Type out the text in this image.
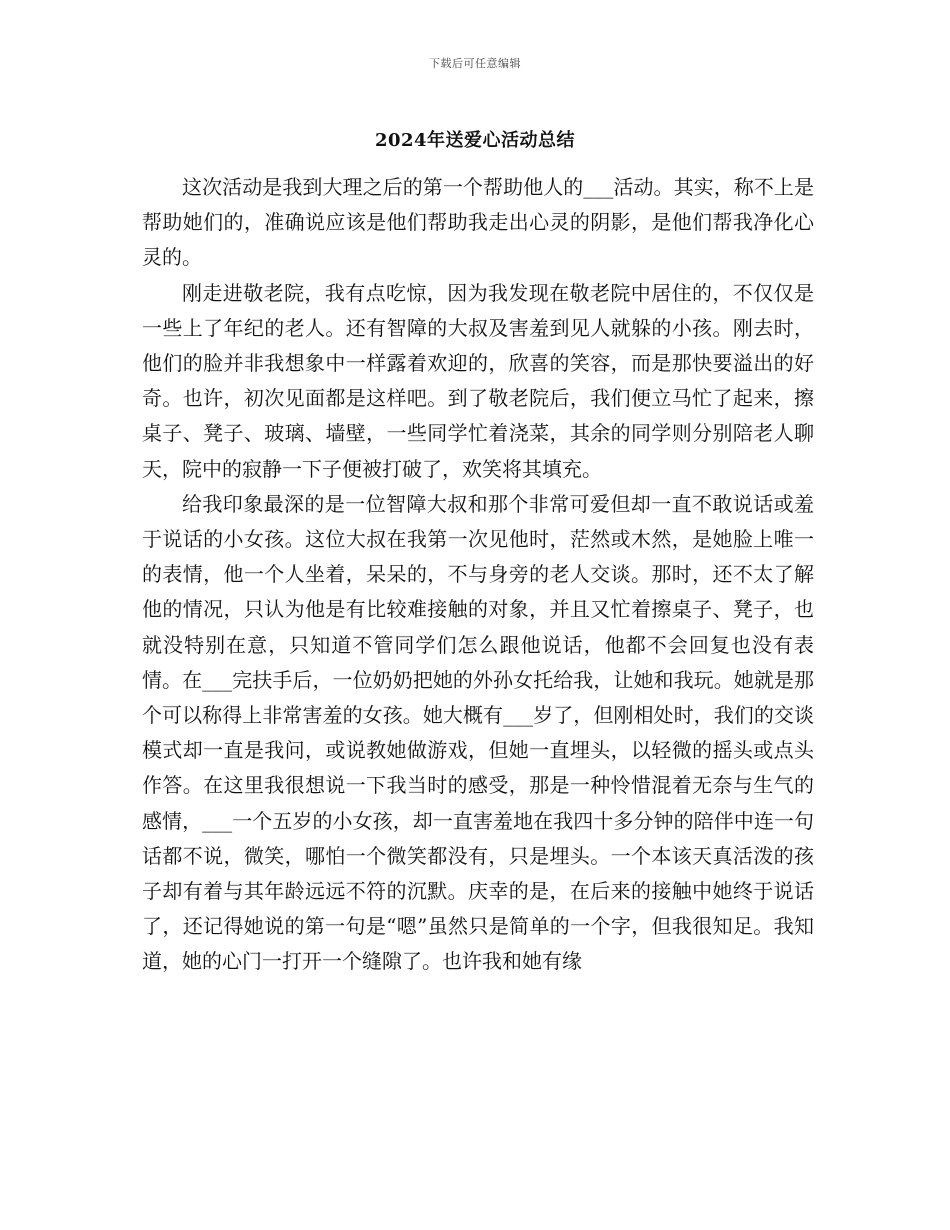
下载后可任意编辑
2024年送爱心活动总结

这次活动是我到大理之后的第一个帮助他人的___活动。其实，称不上是帮助她们的，准确说应该是他们帮助我走出心灵的阴影，是他们帮我净化心灵的。

刚走进敬老院，我有点吃惊，因为我发现在敬老院中居住的，不仅仅是一些上了年纪的老人。还有智障的大叔及害羞到见人就躲的小孩。刚去时，他们的脸并非我想象中一样露着欢迎的，欣喜的笑容，而是那快要溢出的好奇。也许，初次见面都是这样吧。到了敬老院后，我们便立马忙了起来，擦桌子、凳子、玻璃、墙壁，一些同学忙着浇菜，其余的同学则分别陪老人聊天，院中的寂静一下子便被打破了，欢笑将其填充。

给我印象最深的是一位智障大叔和那个非常可爱但却一直不敢说话或羞于说话的小女孩。这位大叔在我第一次见他时，茫然或木然，是她脸上唯一的表情，他一个人坐着，呆呆的，不与身旁的老人交谈。那时，还不太了解他的情况，只认为他是有比较难接触的对象，并且又忙着擦桌子、凳子，也就没特别在意，只知道不管同学们怎么跟他说话，他都不会回复也没有表情。在___完扶手后，一位奶奶把她的外孙女托给我，让她和我玩。她就是那个可以称得上非常害羞的女孩。她大概有___岁了，但刚相处时，我们的交谈模式却一直是我问，或说教她做游戏，但她一直埋头，以轻微的摇头或点头作答。在这里我很想说一下我当时的感受，那是一种怜惜混着无奈与生气的感情，___一个五岁的小女孩，却一直害羞地在我四十多分钟的陪伴中连一句话都不说，微笑，哪怕一个微笑都没有，只是埋头。一个本该天真活泼的孩子却有着与其年龄远远不符的沉默。庆幸的是，在后来的接触中她终于说话了，还记得她说的第一句是“嗯”虽然只是简单的一个字，但我很知足。我知道，她的心门一打开一个缝隙了。也许我和她有缘
